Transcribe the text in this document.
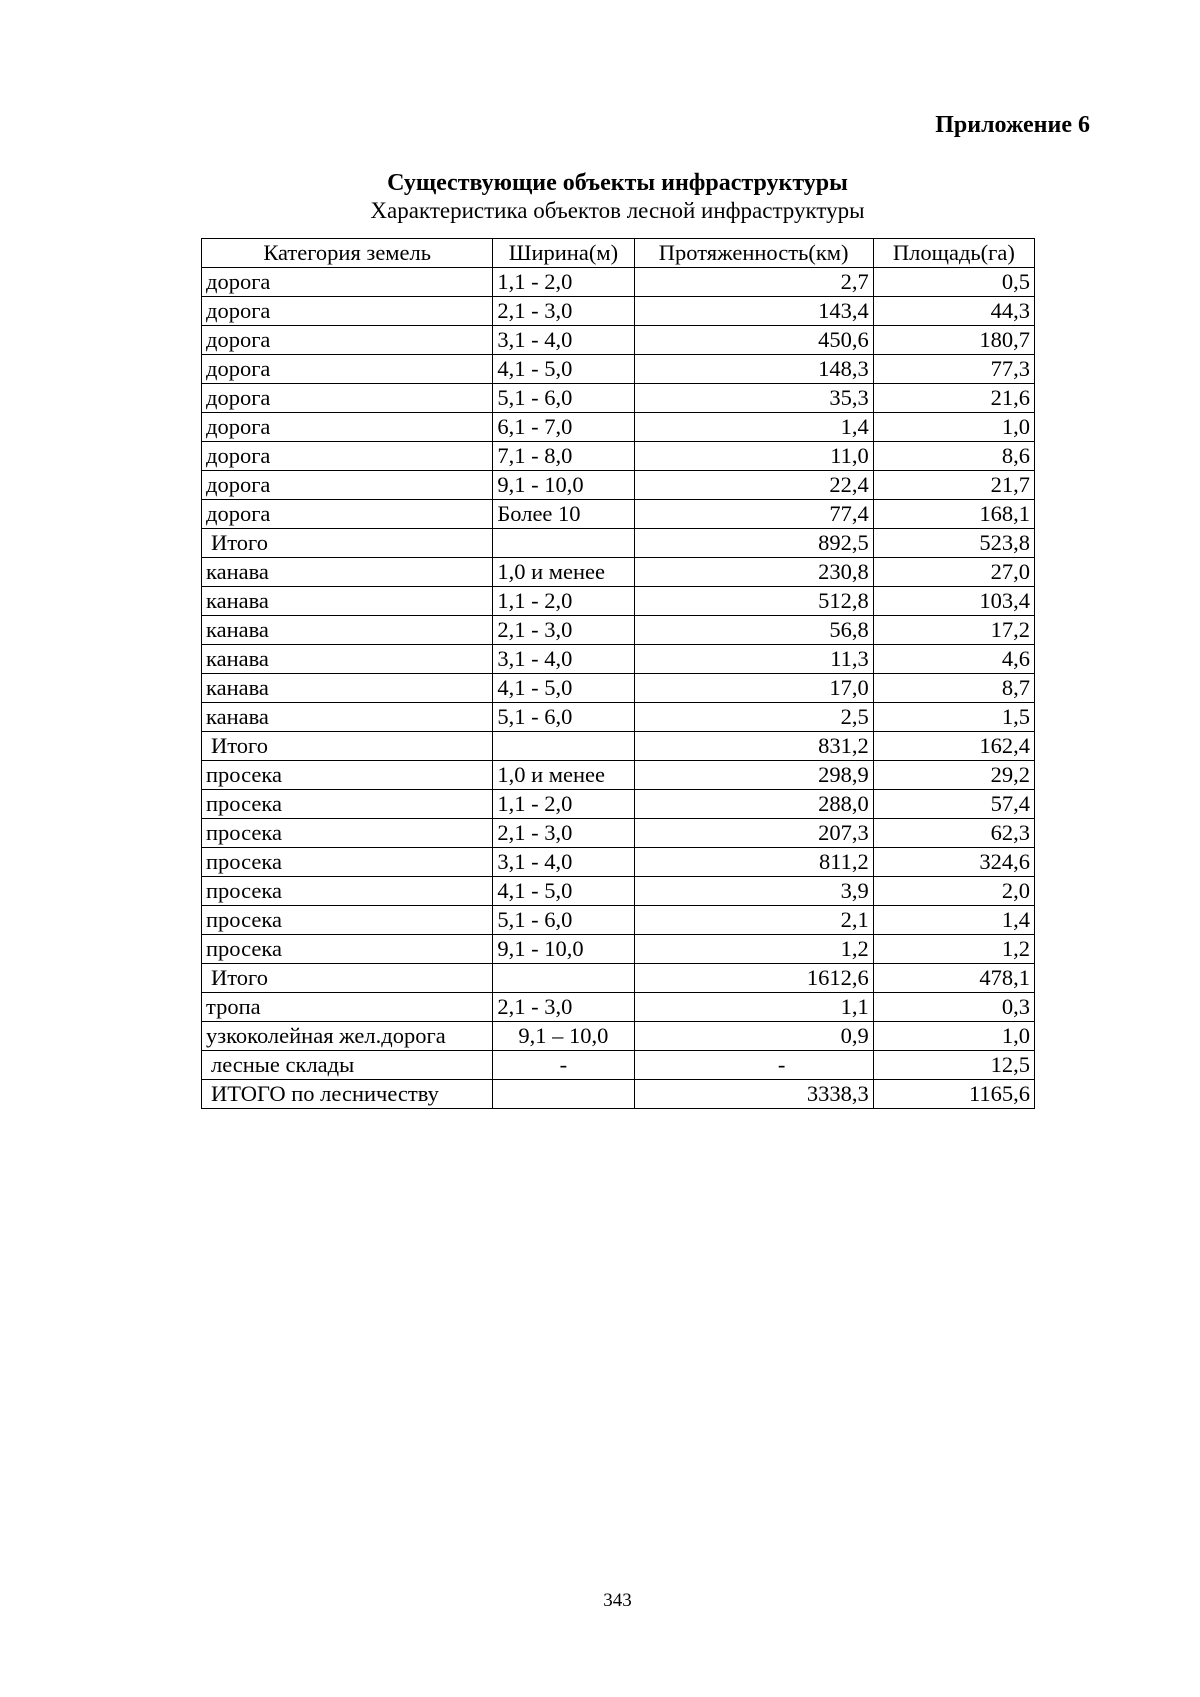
Приложение 6
Существующие объекты инфраструктуры
Характеристика объектов лесной инфраструктуры
Категория земель	Ширина(м)	Протяженность(км)	Площадь(га)
дорога	1,1 - 2,0	2,7	0,5
дорога	2,1 - 3,0	143,4	44,3
дорога	3,1 - 4,0	450,6	180,7
дорога	4,1 - 5,0	148,3	77,3
дорога	5,1 - 6,0	35,3	21,6
дорога	6,1 - 7,0	1,4	1,0
дорога	7,1 - 8,0	11,0	8,6
дорога	9,1 - 10,0	22,4	21,7
дорога	Более 10	77,4	168,1
Итого		892,5	523,8
канава	1,0 и менее	230,8	27,0
канава	1,1 - 2,0	512,8	103,4
канава	2,1 - 3,0	56,8	17,2
канава	3,1 - 4,0	11,3	4,6
канава	4,1 - 5,0	17,0	8,7
канава	5,1 - 6,0	2,5	1,5
Итого		831,2	162,4
просека	1,0 и менее	298,9	29,2
просека	1,1 - 2,0	288,0	57,4
просека	2,1 - 3,0	207,3	62,3
просека	3,1 - 4,0	811,2	324,6
просека	4,1 - 5,0	3,9	2,0
просека	5,1 - 6,0	2,1	1,4
просека	9,1 - 10,0	1,2	1,2
Итого		1612,6	478,1
тропа	2,1 - 3,0	1,1	0,3
узкоколейная жел.дорога	9,1 – 10,0	0,9	1,0
лесные склады	-	-	12,5
ИТОГО по лесничеству		3338,3	1165,6
343
